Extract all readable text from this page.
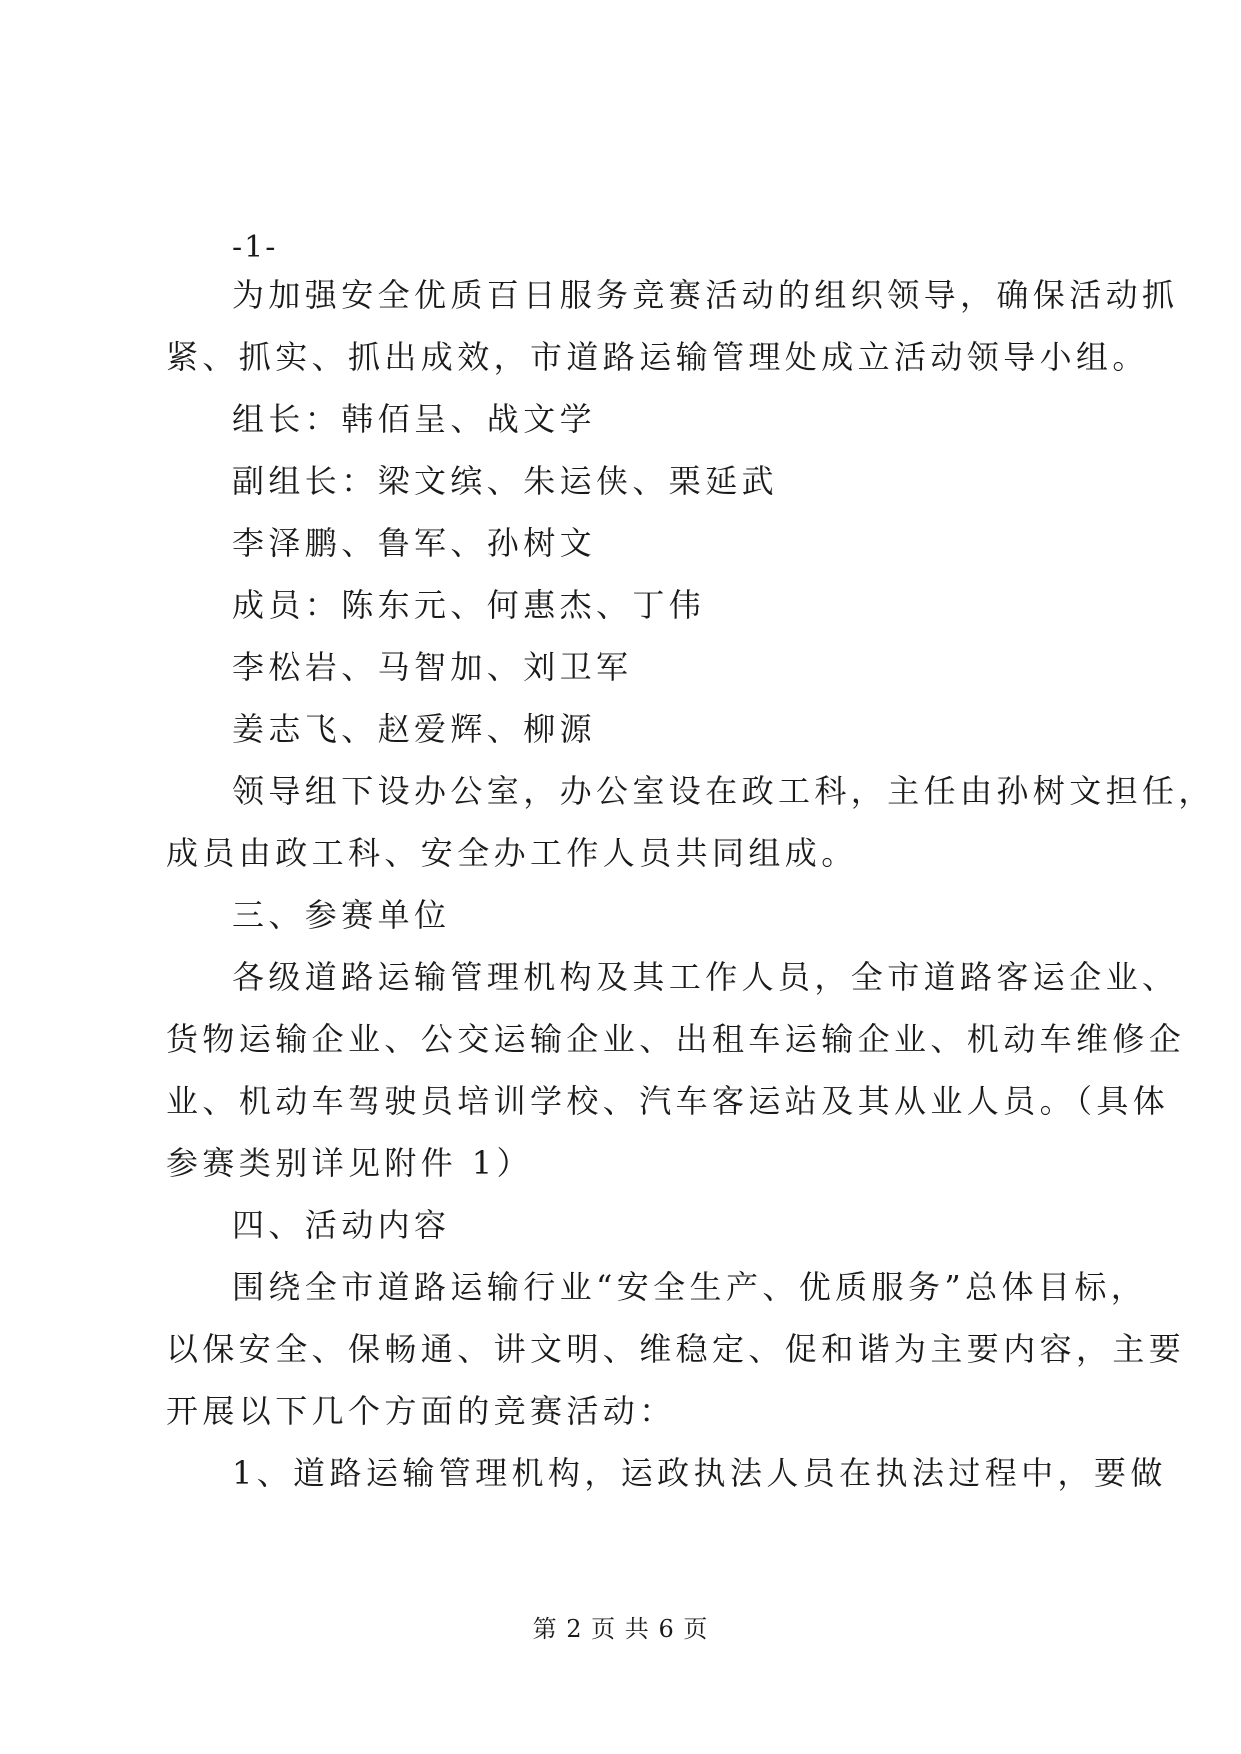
-1-
为加强安全优质百日服务竞赛活动的组织领导，确保活动抓
紧、抓实、抓出成效，市道路运输管理处成立活动领导小组。
组长：韩佰呈、战文学
副组长：梁文缤、朱运侠、栗延武
李泽鹏、鲁军、孙树文
成员：陈东元、何惠杰、丁伟
李松岩、马智加、刘卫军
姜志飞、赵爱辉、柳源
领导组下设办公室，办公室设在政工科，主任由孙树文担任，
成员由政工科、安全办工作人员共同组成。
三、参赛单位
各级道路运输管理机构及其工作人员，全市道路客运企业、
货物运输企业、公交运输企业、出租车运输企业、机动车维修企
业、机动车驾驶员培训学校、汽车客运站及其从业人员。（具体
参赛类别详见附件 1）
四、活动内容
围绕全市道路运输行业“安全生产、优质服务”总体目标，
以保安全、保畅通、讲文明、维稳定、促和谐为主要内容，主要
开展以下几个方面的竞赛活动：
1、道路运输管理机构，运政执法人员在执法过程中，要做
第 2 页 共 6 页
